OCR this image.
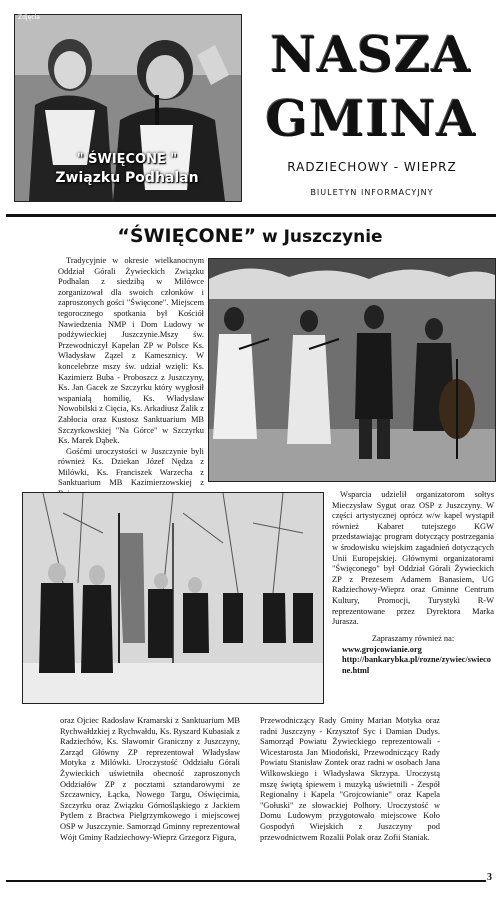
Zdjęcia
" ŚWIĘCONE "
Związku Podhalan
NASZA
GMINA
RADZIECHOWY - WIEPRZ
BIULETYN INFORMACYJNY
“ŚWIĘCONE” w Juszczynie

Tradycyjnie w okresie wielkanocnym Oddział Górali Żywieckich Związku Podhalan z siedzibą w Milówce zorganizował dla swoich członków i zaproszonych gości "Święcone". Miejscem tegorocznego spotkania był Kościół Nawiedzenia NMP i Dom Ludowy w podżywieckiej Juszczynie.Mszy św. Przewodniczył Kapelan ZP w Polsce Ks. Władysław Zązel z Kamesznicy. W koncelebrze mszy św. udział wzięli: Ks. Kazimierz Buba - Proboszcz z Juszczyny, Ks. Jan Gacek ze Szczyrku który wygłosił wspaniałą homilię, Ks. Władysław Nowobilski z Cięcia, Ks. Arkadiusz Żalik z Zabłocia oraz Kustosz Sanktuarium MB Szczyrkowskiej "Na Górce" w Szczyrku Ks. Marek Dąbek.

Gośćmi uroczystości w Juszczynie byli również Ks. Dziekan Józef Nędza z Milówki, Ks. Franciszek Warzecha z Sanktuarium MB Kazimierzowskiej z

Wsparcia udzielił organizatorom sołtys Mieczysław Sygut oraz OSP z Juszczyny. W części artystycznej oprócz w/w kapel wystąpił również Kabaret tutejszego KGW przedstawiając program dotyczący postrzegania w środowisku wiejskim zagadnień dotyczących Unii Europejskiej. Głównymi organizatorami "Święconego" był Oddział Górali Żywieckich ZP z Prezesem Adamem Banasiem, UG Radziechowy-Wieprz oraz Gminne Centrum Kultury, Promocji, Turystyki R-W reprezentowane przez Dyrektora Marka Jurasza.

Zapraszamy również na:
www.grojcowianie.org
http://bankarybka.pl/rozne/zywiec/swiecone.html

oraz Ojciec Radosław Kramarski z Sanktuarium MB Rychwałdzkiej z Rychwałdu, Ks. Ryszard Kubasiak z Radziechów, Ks. Sławomir Graniczny z Juszczyny, Zarząd Główny ZP reprezentował Władysław Motyka z Milówki. Uroczystość Oddziału Górali Żywieckich uświetniła obecność zaproszonych Oddziałów ZP z pocztami sztandarowymi ze Szczawnicy, Łącka, Nowego Targu, Oświęcimia, Szczyrku oraz Związku Górnośląskiego z Jackiem Pytlem z Bractwa Pielgrzymkowego i miejscowej OSP w Juszczynie. Samorząd Gminny reprezentował Wójt Gminy Radziechowy-Wieprz Grzegorz Figura,

Przewodniczący Rady Gminy Marian Motyka oraz radni Juszczyny - Krzysztof Syc i Damian Dudys. Samorząd Powiatu Żywieckiego reprezentowali - Wicestarosta Jan Miodoński, Przewodniczący Rady Powiatu Stanisław Zontek oraz radni w osobach Jana Wilkowskiego i Władysława Skrzypa. Uroczystą mszę świętą śpiewem i muzyką uświetnili - Zespół Regionalny i Kapela "Grojcowianie" oraz Kapela "Gołuski" ze słowackiej Polhory. Uroczystość w Domu Ludowym przygotowało miejscowe Koło Gospodyń Wiejskich z Juszczyny pod przewodnictwem Rozalii Polak oraz Zofii Staniak.

3
